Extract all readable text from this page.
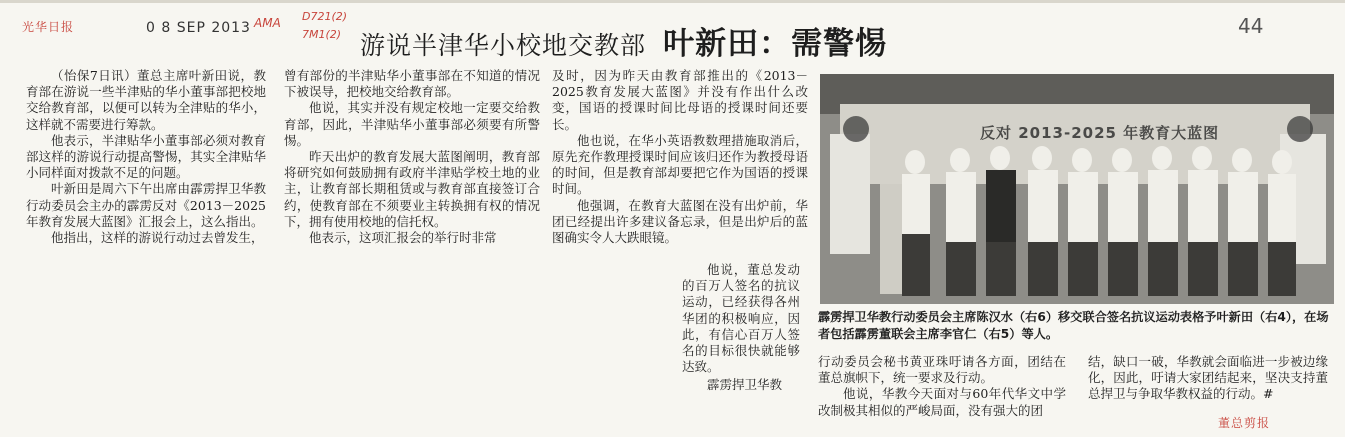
光华日报	0 8 SEP 2013 AMA D721(2)
7M1(2)	44
游说半津华小校地交教部 叶新田：需警惕

（怡保7日讯）董总主席叶新田说，教育部在游说一些半津贴的华小董事部把校地交给教育部，以便可以转为全津贴的华小，这样就不需要进行筹款。

他表示，半津贴华小董事部必须对教育部这样的游说行动提高警惕，其实全津贴华小同样面对拨款不足的问题。

叶新田是周六下午出席由霹雳捍卫华教行动委员会主办的霹雳反对《2013－2025年教育发展大蓝图》汇报会上，这么指出。

他指出，这样的游说行动过去曾发生，

曾有部份的半津贴华小董事部在不知道的情况下被误导，把校地交给教育部。

他说，其实并没有规定校地一定要交给教育部，因此，半津贴华小董事部必须要有所警惕。

昨天出炉的教育发展大蓝图阐明，教育部将研究如何鼓励拥有政府半津贴学校土地的业主，让教育部长期租赁或与教育部直接签订合约，使教育部在不须要业主转换拥有权的情况下，拥有使用校地的信托权。

他表示，这项汇报会的举行时非常

及时，因为昨天由教育部推出的《2013－2025教育发展大蓝图》并没有作出什么改变，国语的授课时间比母语的授课时间还要长。

他也说，在华小英语教数理措施取消后，原先充作教理授课时间应该归还作为教授母语的时间，但是教育部却要把它作为国语的授课时间。

他强调，在教育大蓝图在没有出炉前，华团已经提出许多建议备忘录，但是出炉后的蓝图确实令人大跌眼镜。

他说，董总发动的百万人签名的抗议运动，已经获得各州华团的积极响应，因此，有信心百万人签名的目标很快就能够达致。

霹雳捍卫华教

反对 2013-2025 年教育大蓝图
霹雳捍卫华教行动委员会主席陈汉水（右6）移交联合签名抗议运动表格予叶新田（右4），在场者包括霹雳董联会主席李官仁（右5）等人。

行动委员会秘书黄亚珠吁请各方面，团结在董总旗帜下，统一要求及行动。

他说，华教今天面对与60年代华文中学改制极其相似的严峻局面，没有强大的团

结，缺口一破，华教就会面临进一步被边缘化，因此，吁请大家团结起来，坚决支持董总捍卫与争取华教权益的行动。#

董总剪报
